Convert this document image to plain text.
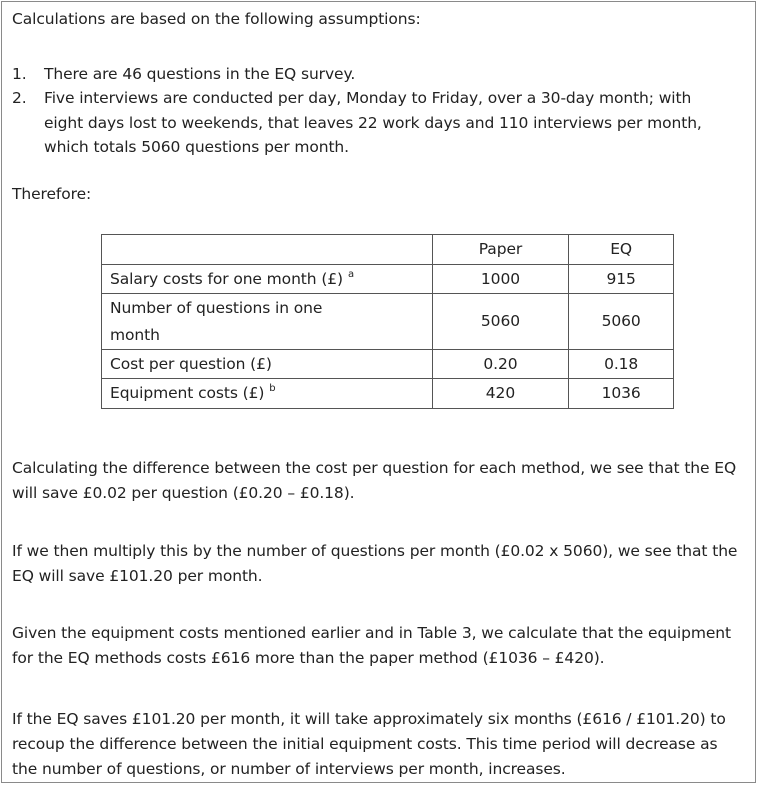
Calculations are based on the following assumptions:

1. There are 46 questions in the EQ survey.
2. Five interviews are conducted per day, Monday to Friday, over a 30-day month; with eight days lost to weekends, that leaves 22 work days and 110 interviews per month, which totals 5060 questions per month.

Therefore:

	Paper	EQ
Salary costs for one month (£) $^a$	1000	915

Number of questions in one month	5060	5060
Cost per question (£)	0.20	0.18
Equipment costs (£) $^b$	420	1036

Calculating the difference between the cost per question for each method, we see that the EQ will save £0.02 per question (£0.20 – £0.18).

If we then multiply this by the number of questions per month (£0.02 x 5060), we see that the EQ will save £101.20 per month.

Given the equipment costs mentioned earlier and in Table 3, we calculate that the equipment for the EQ methods costs £616 more than the paper method (£1036 – £420).

If the EQ saves £101.20 per month, it will take approximately six months (£616 / £101.20) to recoup the difference between the initial equipment costs. This time period will decrease as the number of questions, or number of interviews per month, increases.
